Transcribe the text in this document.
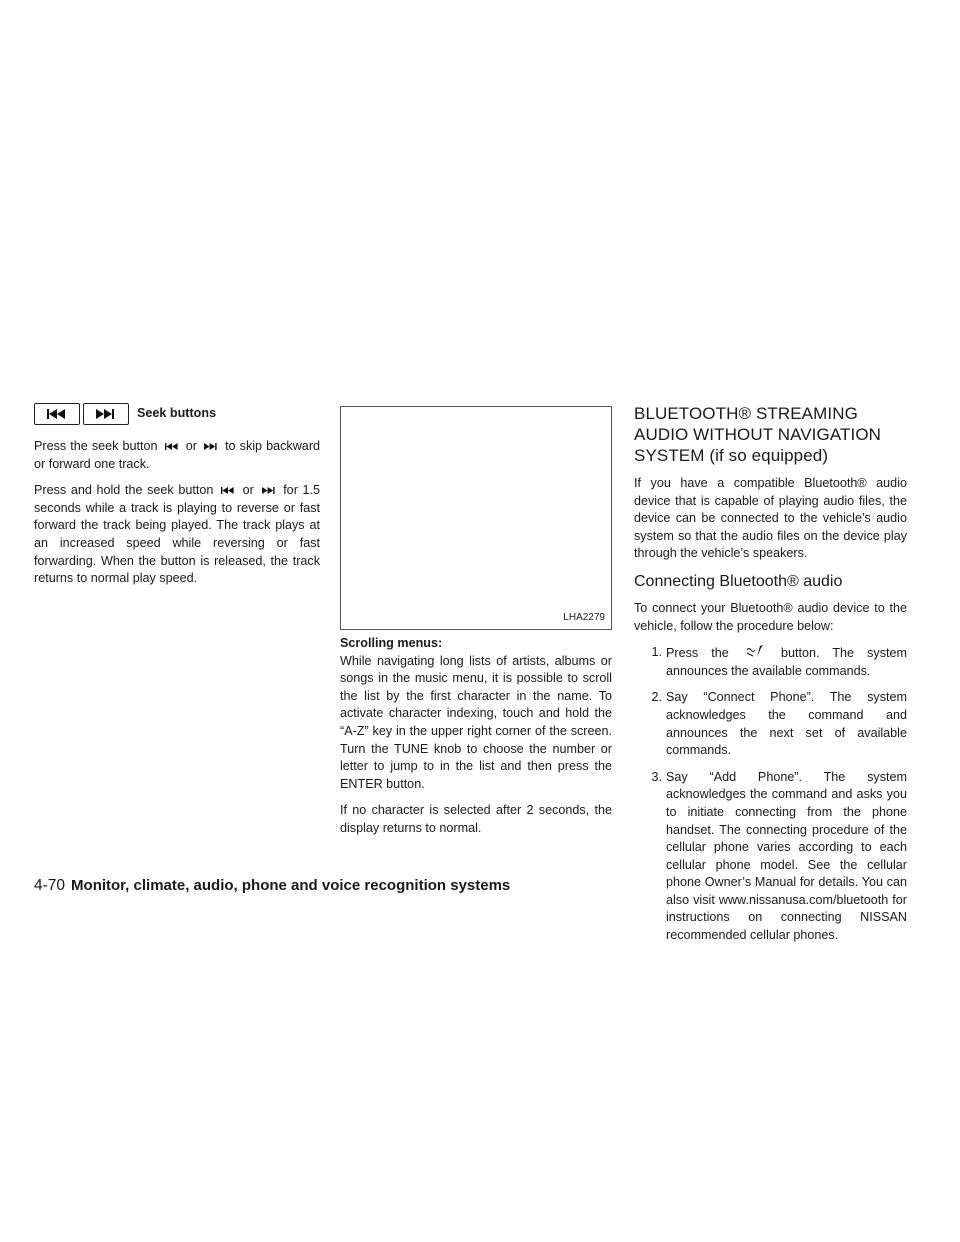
Seek buttons

Press the seek button or to skip backward or forward one track.

Press and hold the seek button or for 1.5 seconds while a track is playing to reverse or fast forward the track being played. The track plays at an increased speed while reversing or fast forwarding. When the button is released, the track returns to normal play speed.

LHA2279
Scrolling menus:

While navigating long lists of artists, albums or songs in the music menu, it is possible to scroll the list by the first character in the name. To activate character indexing, touch and hold the “A-Z” key in the upper right corner of the screen. Turn the TUNE knob to choose the number or letter to jump to in the list and then press the ENTER button.

If no character is selected after 2 seconds, the display returns to normal.

BLUETOOTH® STREAMING AUDIO WITHOUT NAVIGATION SYSTEM (if so equipped)

If you have a compatible Bluetooth® audio device that is capable of playing audio files, the device can be connected to the vehicle’s audio system so that the audio files on the device play through the vehicle’s speakers.

Connecting Bluetooth® audio

To connect your Bluetooth® audio device to the vehicle, follow the procedure below:

1. Press the	button. The system announces the available commands.
2. Say “Connect Phone”. The system acknowledges the command and announces the next set of available commands.
3. Say “Add Phone”. The system acknowledges the command and asks you to initiate connecting from the phone handset. The connecting procedure of the cellular phone varies according to each cellular phone model. See the cellular phone Owner’s Manual for details. You can also visit www.nissanusa.com/bluetooth for instructions on connecting NISSAN recommended cellular phones.
4-70 Monitor, climate, audio, phone and voice recognition systems
